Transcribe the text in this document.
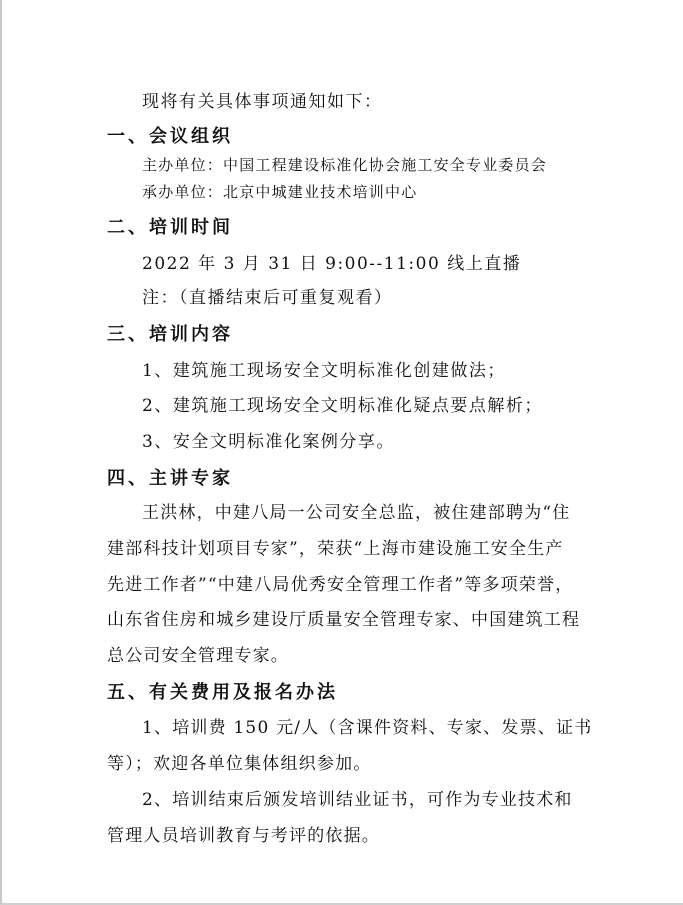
现将有关具体事项通知如下：
一、会议组织
主办单位：中国工程建设标准化协会施工安全专业委员会
承办单位：北京中城建业技术培训中心
二、培训时间
2022 年 3 月 31 日 9:00--11:00 线上直播
注：（直播结束后可重复观看）
三、培训内容
1、建筑施工现场安全文明标准化创建做法；
2、建筑施工现场安全文明标准化疑点要点解析；
3、安全文明标准化案例分享。
四、主讲专家
王洪林，中建八局一公司安全总监，被住建部聘为“住
建部科技计划项目专家”，荣获“上海市建设施工安全生产
先进工作者”“中建八局优秀安全管理工作者”等多项荣誉，
山东省住房和城乡建设厅质量安全管理专家、中国建筑工程
总公司安全管理专家。
五、有关费用及报名办法
1、培训费 150 元/人（含课件资料、专家、发票、证书
等）；欢迎各单位集体组织参加。
2、培训结束后颁发培训结业证书，可作为专业技术和
管理人员培训教育与考评的依据。
